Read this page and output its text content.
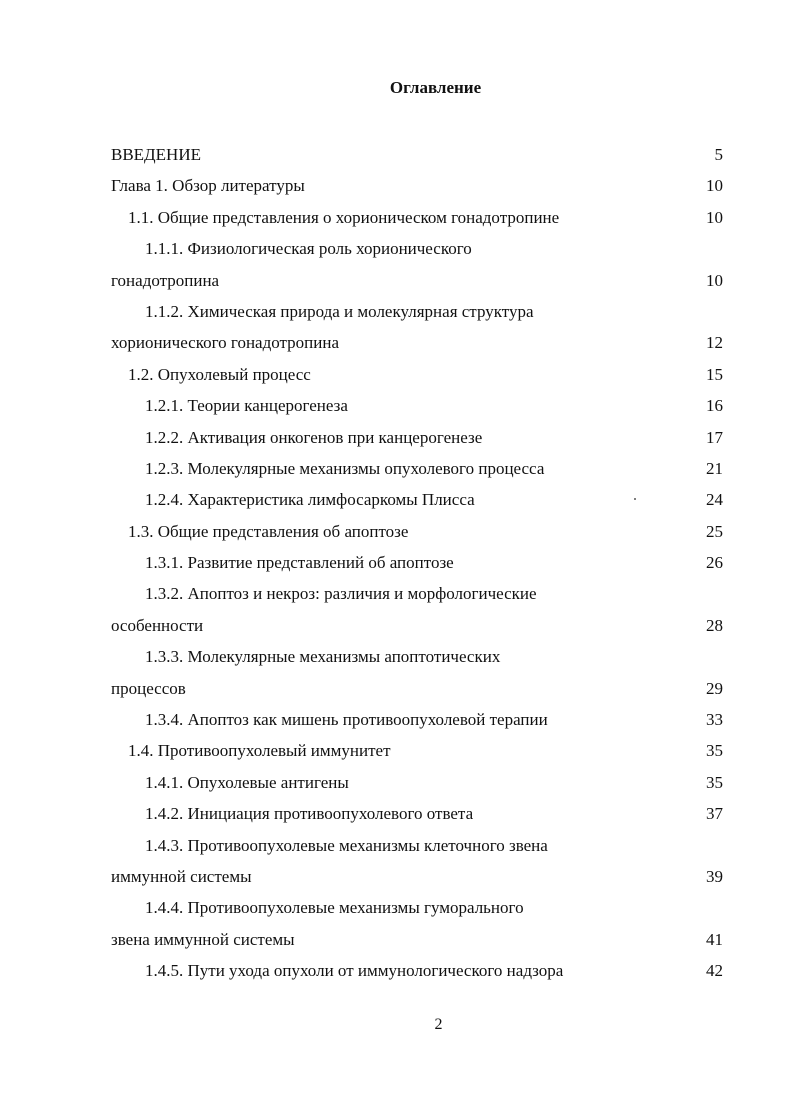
Оглавление
ВВЕДЕНИЕ	5
Глава 1. Обзор литературы	10
1.1. Общие представления о хорионическом гонадотропине	10
1.1.1. Физиологическая роль хорионического
гонадотропина	10
1.1.2. Химическая природа и молекулярная структура
хорионического гонадотропина	12
1.2. Опухолевый процесс	15
1.2.1. Теории канцерогенеза	16
1.2.2. Активация онкогенов при канцерогенезе	17
1.2.3. Молекулярные механизмы опухолевого процесса	21
1.2.4. Характеристика лимфосаркомы Плисса	24
1.3. Общие представления об апоптозе	25
1.3.1. Развитие представлений об апоптозе	26
1.3.2. Апоптоз и некроз: различия и морфологические
особенности	28
1.3.3. Молекулярные механизмы апоптотических
процессов	29
1.3.4. Апоптоз как мишень противоопухолевой терапии	33
1.4. Противоопухолевый иммунитет	35
1.4.1. Опухолевые антигены	35
1.4.2. Инициация противоопухолевого ответа	37
1.4.3. Противоопухолевые механизмы клеточного звена
иммунной системы	39
1.4.4. Противоопухолевые механизмы гуморального
звена иммунной системы	41
1.4.5. Пути ухода опухоли от иммунологического надзора	42
2
